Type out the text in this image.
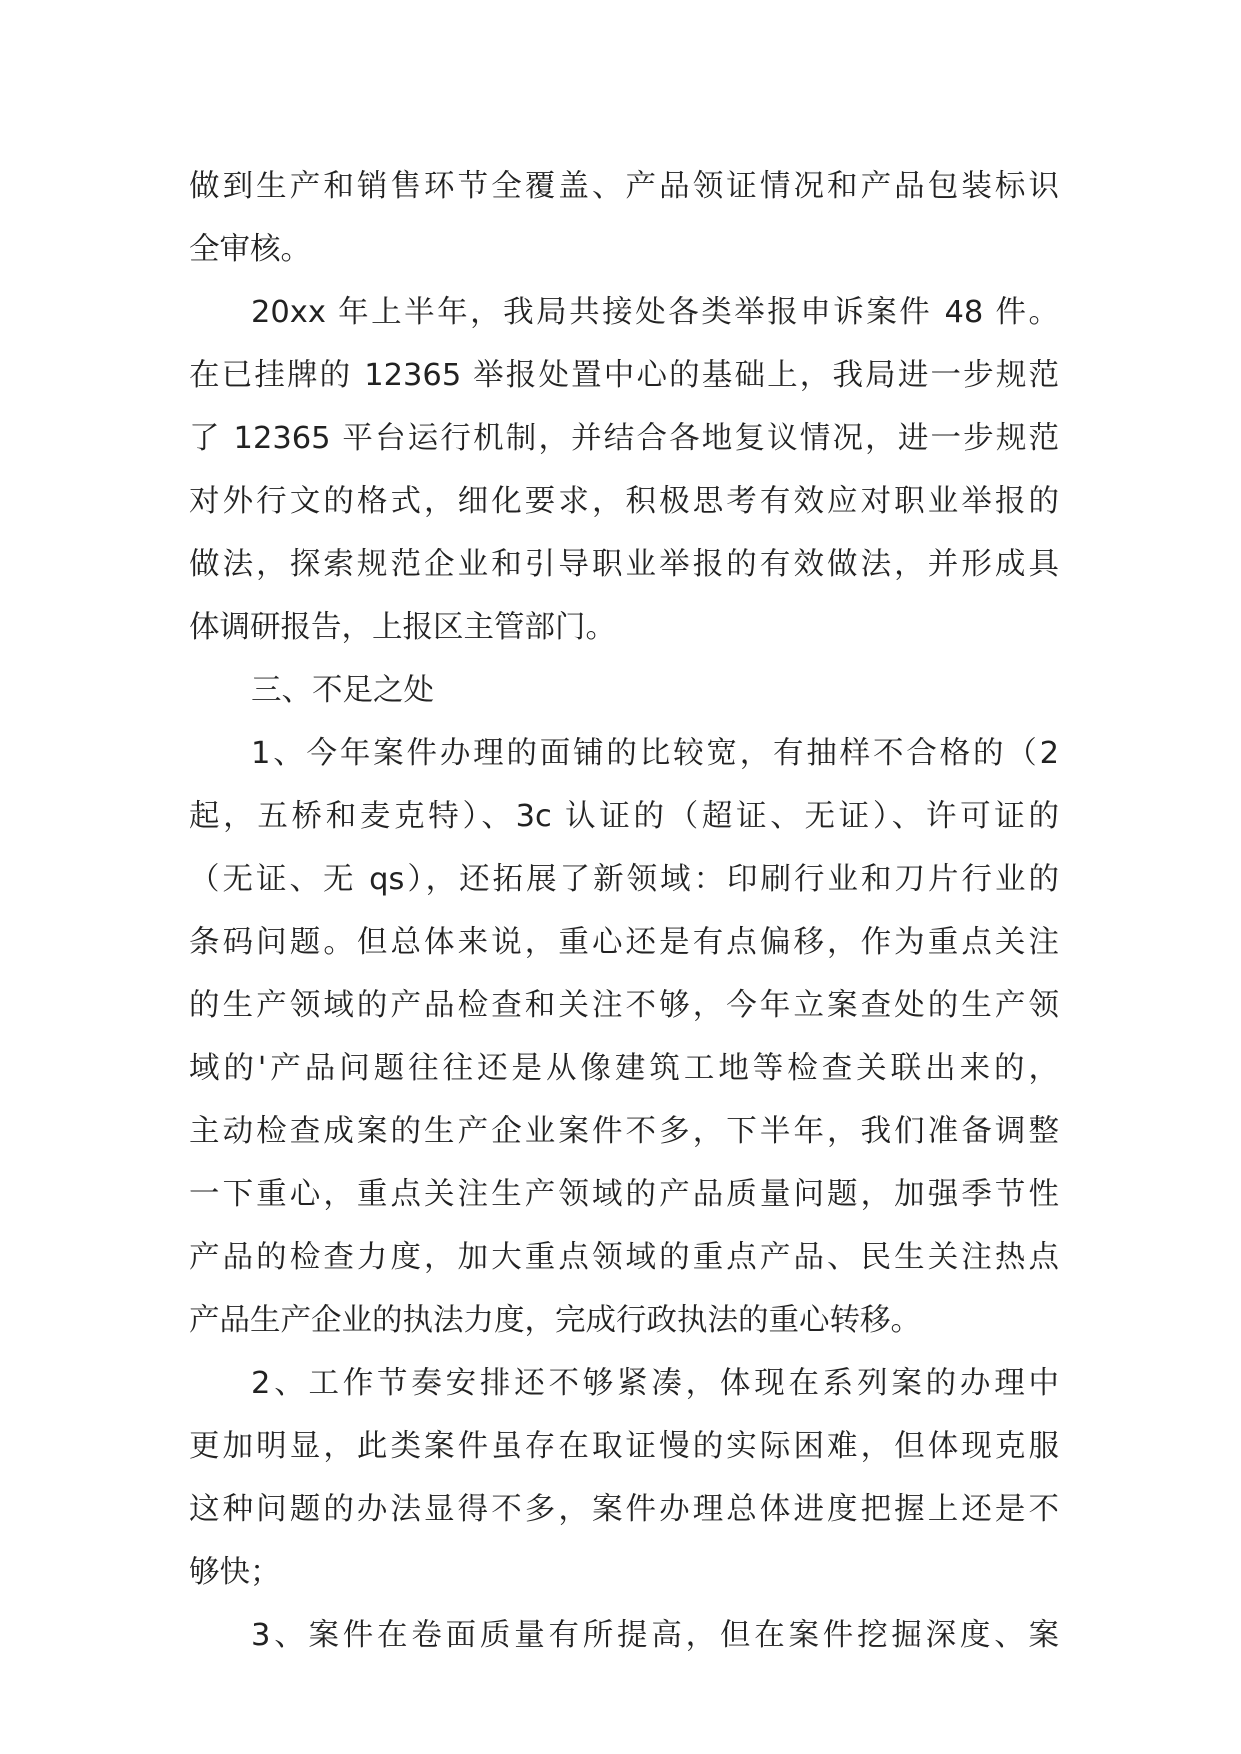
做到生产和销售环节全覆盖、产品领证情况和产品包装标识
全审核。
20xx 年上半年，我局共接处各类举报申诉案件 48 件。
在已挂牌的 12365 举报处置中心的基础上，我局进一步规范
了 12365 平台运行机制，并结合各地复议情况，进一步规范
对外行文的格式，细化要求，积极思考有效应对职业举报的
做法，探索规范企业和引导职业举报的有效做法，并形成具
体调研报告，上报区主管部门。
三、不足之处
1、今年案件办理的面铺的比较宽，有抽样不合格的（2
起，五桥和麦克特）、3c 认证的（超证、无证）、许可证的
（无证、无 qs），还拓展了新领域：印刷行业和刀片行业的
条码问题。但总体来说，重心还是有点偏移，作为重点关注
的生产领域的产品检查和关注不够，今年立案查处的生产领
域的'产品问题往往还是从像建筑工地等检查关联出来的，
主动检查成案的生产企业案件不多，下半年，我们准备调整
一下重心，重点关注生产领域的产品质量问题，加强季节性
产品的检查力度，加大重点领域的重点产品、民生关注热点
产品生产企业的执法力度，完成行政执法的重心转移。
2、工作节奏安排还不够紧凑，体现在系列案的办理中
更加明显，此类案件虽存在取证慢的实际困难，但体现克服
这种问题的办法显得不多，案件办理总体进度把握上还是不
够快；
3、案件在卷面质量有所提高，但在案件挖掘深度、案
